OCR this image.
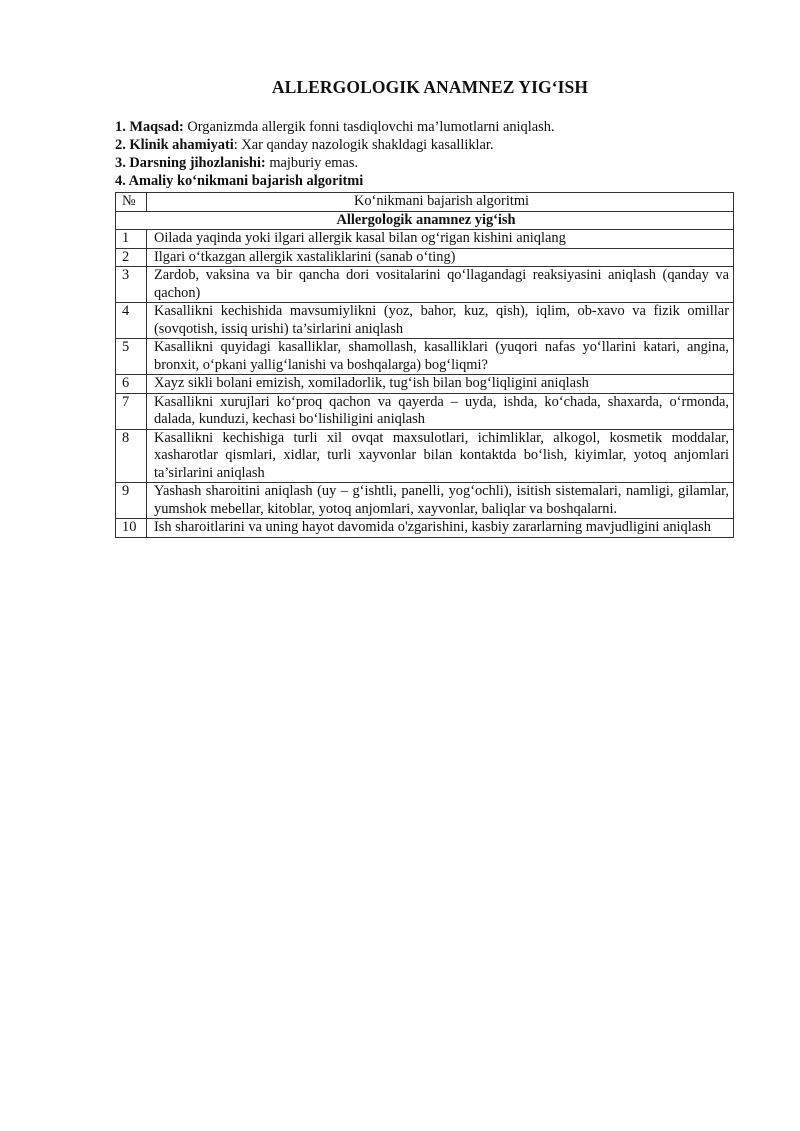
ALLERGOLOGIK ANAMNEZ YIG‘ISH
1. Maqsad: Organizmda allergik fonni tasdiqlovchi ma’lumotlarni aniqlash.
2. Klinik ahamiyati: Xar qanday nazologik shakldagi kasalliklar.
3. Darsning jihozlanishi: majburiy emas.
4. Amaliy ko‘nikmani bajarish algoritmi
№	Ko‘nikmani bajarish algoritmi
Allergologik anamnez yig‘ish	
1	Oilada yaqinda yoki ilgari allergik kasal bilan og‘rigan kishini aniqlang
2	Ilgari o‘tkazgan allergik xastaliklarini (sanab o‘ting)
3	Zardob, vaksina va bir qancha dori vositalarini qo‘llagandagi reaksiyasini aniqlash (qanday va qachon)
4	Kasallikni kechishida mavsumiylikni (yoz, bahor, kuz, qish), iqlim, ob-xavo va fizik omillar (sovqotish, issiq urishi) ta’sirlarini aniqlash
5	Kasallikni quyidagi kasalliklar, shamollash, kasalliklari (yuqori nafas yo‘llarini katari, angina, bronxit, o‘pkani yallig‘lanishi va boshqalarga) bog‘liqmi?
6	Xayz sikli bolani emizish, xomiladorlik, tug‘ish bilan bog‘liqligini aniqlash
7	Kasallikni xurujlari ko‘proq qachon va qayerda – uyda, ishda, ko‘chada, shaxarda, o‘rmonda, dalada, kunduzi, kechasi bo‘lishiligini aniqlash
8	Kasallikni kechishiga turli xil ovqat maxsulotlari, ichimliklar, alkogol, kosmetik moddalar, xasharotlar qismlari, xidlar, turli xayvonlar bilan kontaktda bo‘lish, kiyimlar, yotoq anjomlari ta’sirlarini aniqlash
9	Yashash sharoitini aniqlash (uy – g‘ishtli, panelli, yog‘ochli), isitish sistemalari, namligi, gilamlar, yumshok mebellar, kitoblar, yotoq anjomlari, xayvonlar, baliqlar va boshqalarni.
10	Ish sharoitlarini va uning hayot davomida o'zgarishini, kasbiy zararlarning mavjudligini aniqlash
